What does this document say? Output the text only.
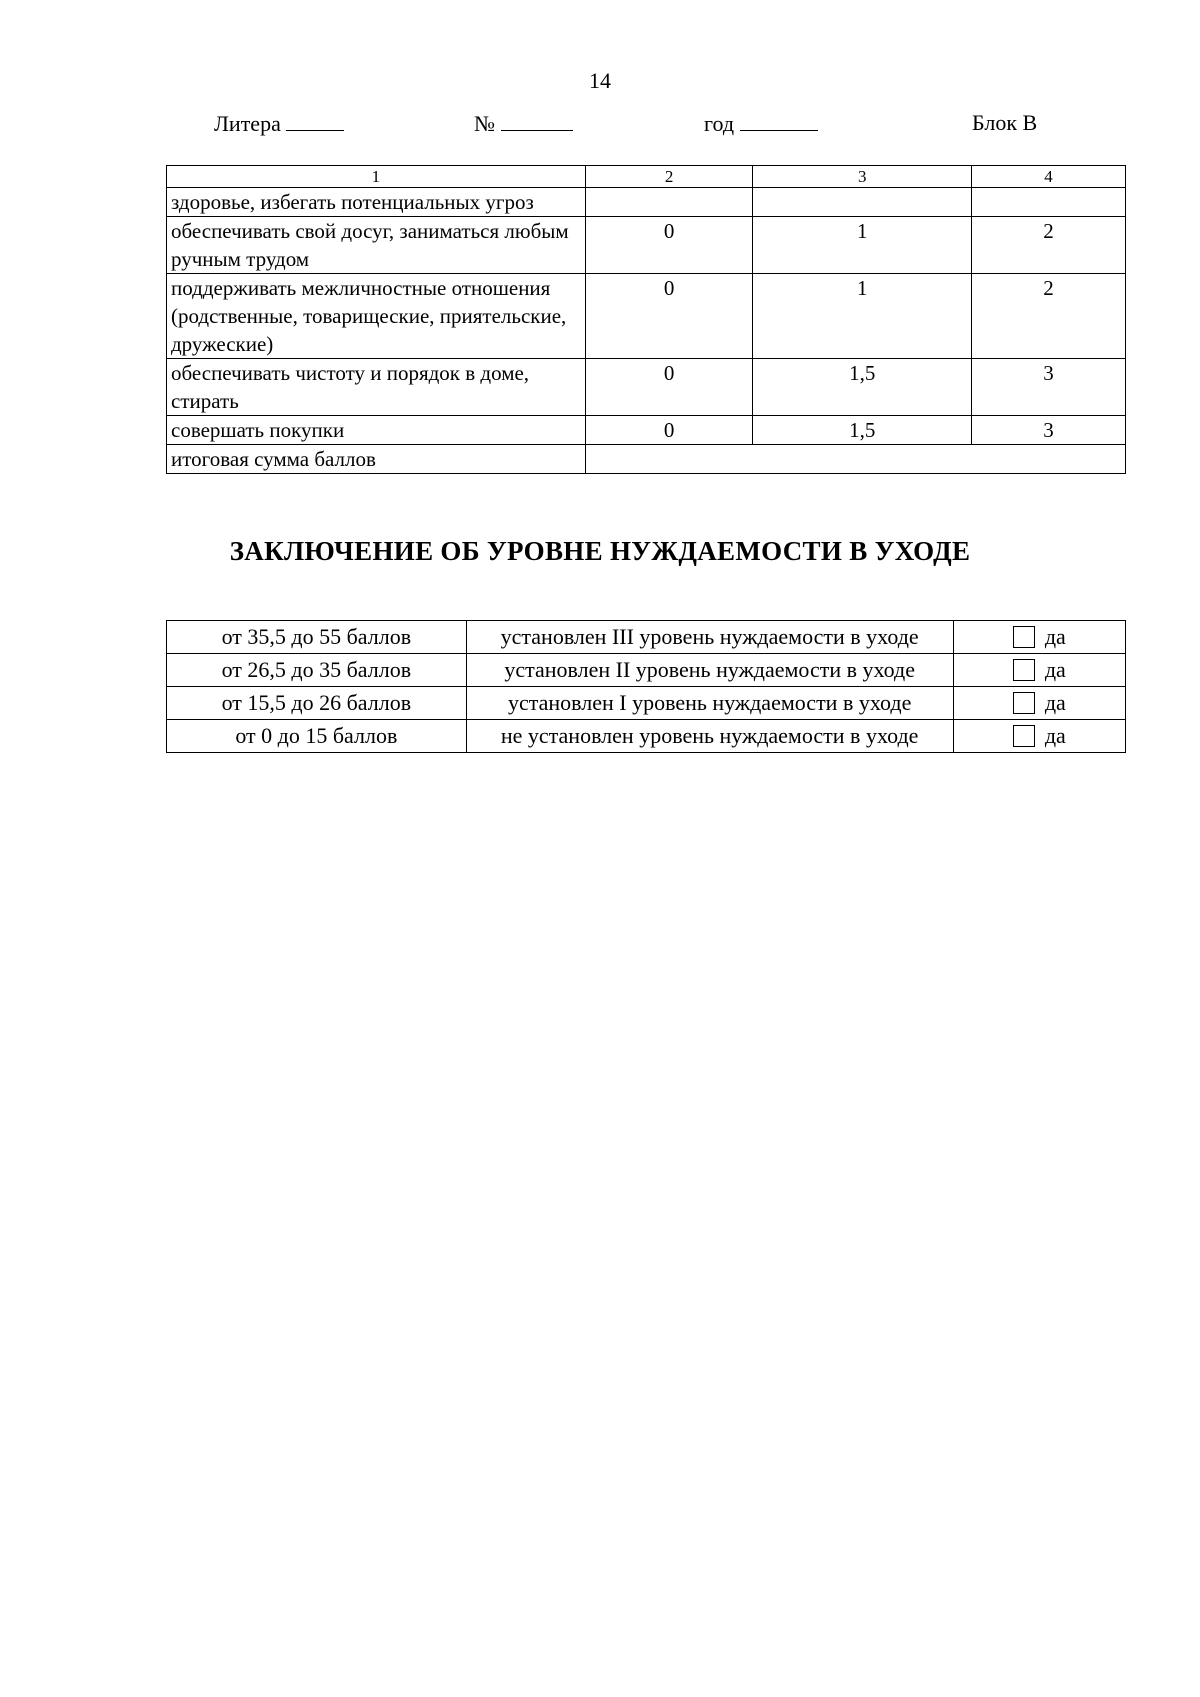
14
Литера	№	год	Блок В
1	2	3	4
здоровье, избегать потенциальных угроз			
обеспечивать свой досуг, заниматься любым ручным трудом	0	1	2
поддерживать межличностные отношения (родственные, товарищеские, приятельские, дружеские)	0	1	2
обеспечивать чистоту и порядок в доме, стирать	0	1,5	3
совершать покупки	0	1,5	3
итоговая сумма баллов			
ЗАКЛЮЧЕНИЕ ОБ УРОВНЕ НУЖДАЕМОСТИ В УХОДЕ
от 35,5 до 55 баллов	установлен III уровень нуждаемости в уходе	да

от 26,5 до 35 баллов	установлен II уровень нуждаемости в уходе	да

от 15,5 до 26 баллов	установлен I уровень нуждаемости в уходе	да

от 0 до 15 баллов	не установлен уровень нуждаемости в уходе	да
